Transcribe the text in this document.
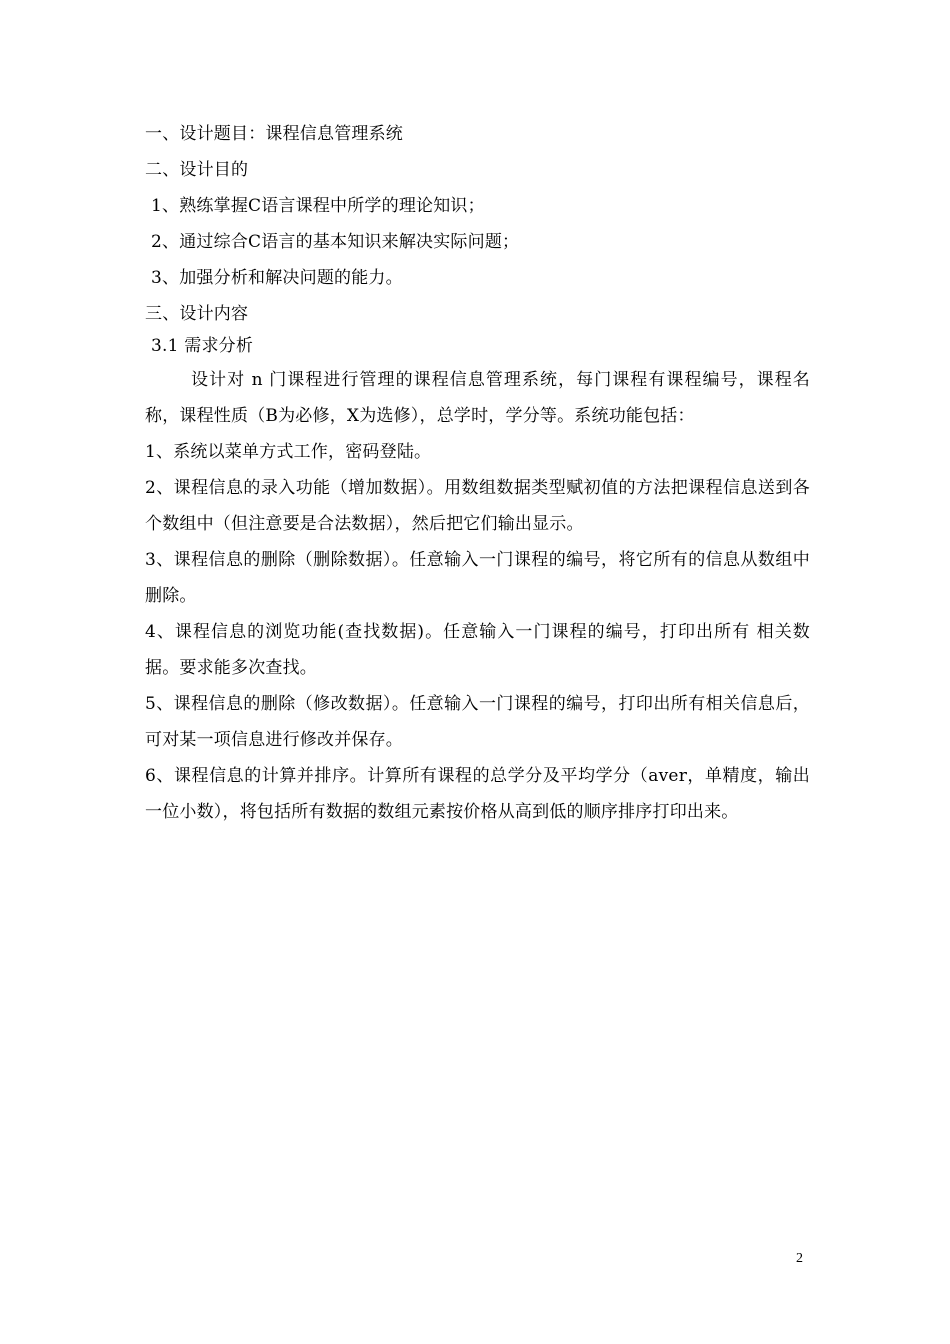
一、设计题目：课程信息管理系统
二、设计目的
1、熟练掌握C语言课程中所学的理论知识；
2、通过综合C语言的基本知识来解决实际问题；
3、加强分析和解决问题的能力。
三、设计内容
3.1 需求分析
设计对 n 门课程进行管理的课程信息管理系统，每门课程有课程编号，课程名称，课程性质（B为必修，X为选修），总学时，学分等。系统功能包括：
1、系统以菜单方式工作，密码登陆。
2、课程信息的录入功能（增加数据）。用数组数据类型赋初值的方法把课程信息送到各个数组中（但注意要是合法数据），然后把它们输出显示。
3、课程信息的删除（删除数据）。任意输入一门课程的编号，将它所有的信息从数组中删除。
4、课程信息的浏览功能(查找数据)。任意输入一门课程的编号，打印出所有 相关数据。要求能多次查找。
5、课程信息的删除（修改数据）。任意输入一门课程的编号，打印出所有相关信息后，可对某一项信息进行修改并保存。
6、课程信息的计算并排序。计算所有课程的总学分及平均学分（aver，单精度，输出一位小数），将包括所有数据的数组元素按价格从高到低的顺序排序打印出来。
2
